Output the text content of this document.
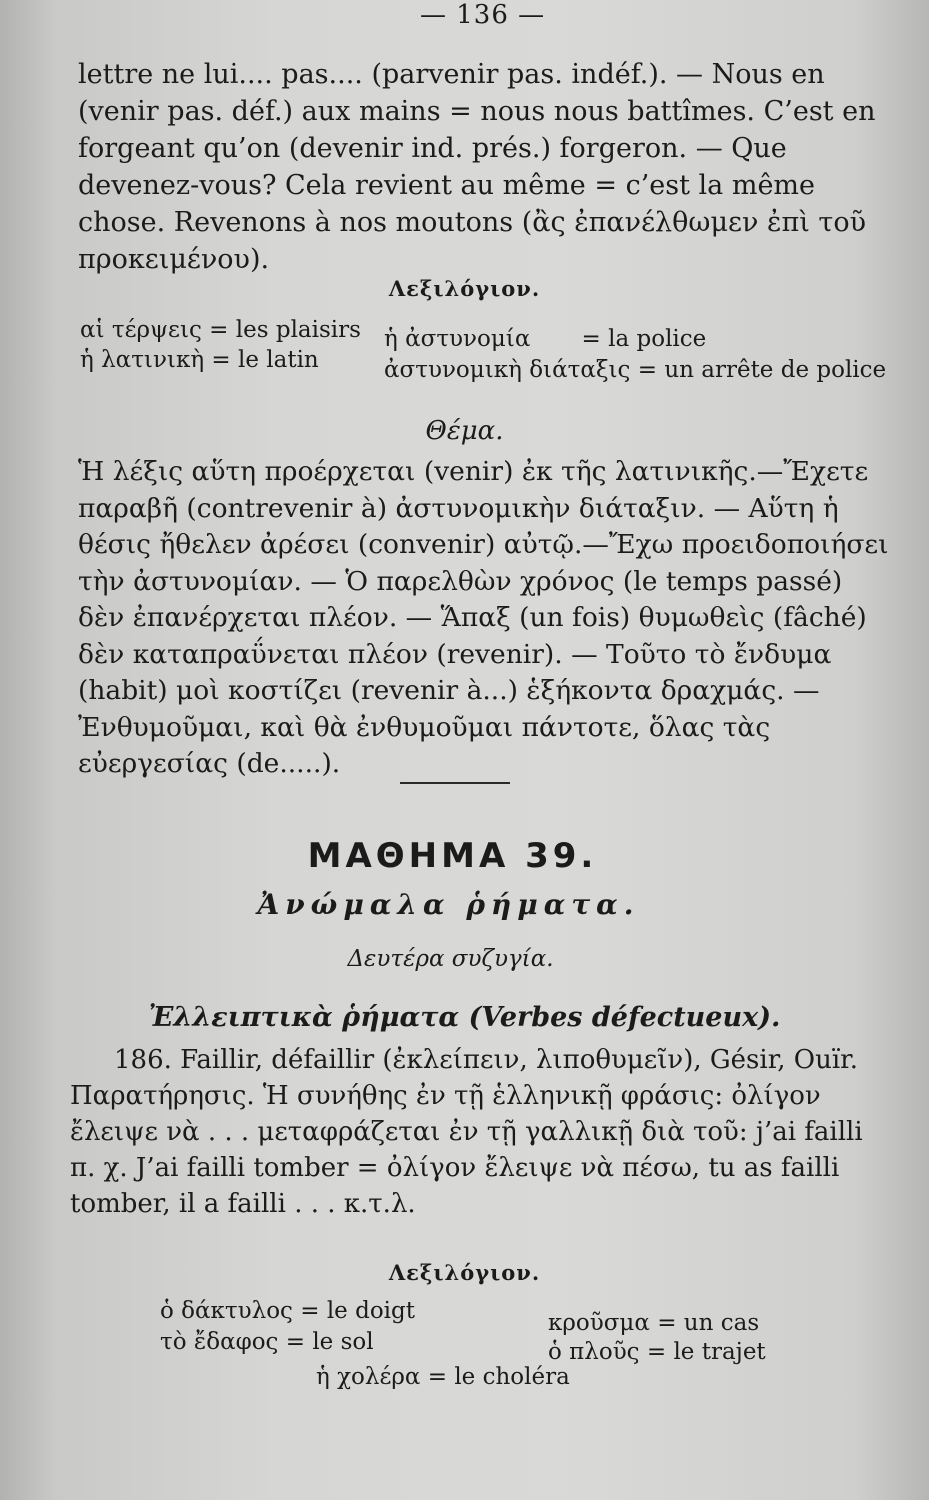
— 136 —

lettre ne lui.... pas.... (parvenir pas. indéf.). — Nous en (venir pas. déf.) aux mains = nous nous battîmes. C’est en forgeant qu’on (devenir ind. prés.) forgeron. — Que devenez-vous? Cela revient au même = c’est la même chose. Revenons à nos moutons (ἂς ἐπανέλθωμεν ἐπὶ τοῦ προκειμένου).

Λεξιλόγιον.
αἱ τέρψεις = les plaisirs
ἡ λατινικὴ = le latin
ἡ ἀστυνομία       = la police
ἀστυνομικὴ διάταξις = un arrête de police
Θέμα.

Ἡ λέξις αὕτη προέρχεται (venir) ἐκ τῆς λατινικῆς.—Ἔχετε παραβῆ (contrevenir à) ἀστυνομικὴν διάταξιν. — Αὕτη ἡ θέσις ἤθελεν ἀρέσει (convenir) αὐτῷ.—Ἔχω προειδοποιήσει τὴν ἀστυνομίαν. — Ὁ παρελθὼν χρόνος (le temps passé) δὲν ἐπανέρχεται πλέον. — Ἅπαξ (un fois) θυμωθεὶς (fâché) δὲν καταπραΰνεται πλέον (revenir). — Τοῦτο τὸ ἔνδυμα (habit) μοὶ κοστίζει (revenir à...) ἑξήκοντα δραχμάς. — Ἐνθυμοῦμαι, καὶ θὰ ἐνθυμοῦμαι πάντοτε, ὅλας τὰς εὐεργεσίας (de.....).

ΜΑΘΗΜΑ 39.
Ἀνώμαλα ῥήματα.
Δευτέρα συζυγία.
Ἐλλειπτικὰ ῥήματα (Verbes défectueux).

186. Faillir, défaillir (ἐκλείπειν, λιποθυμεῖν), Gésir, Ouïr. Παρατήρησις. Ἡ συνήθης ἐν τῇ ἑλληνικῇ φράσις: ὀλίγον ἔλειψε νὰ . . . μεταφράζεται ἐν τῇ γαλλικῇ διὰ τοῦ: j’ai failli π. χ. J’ai failli tomber = ὀλίγον ἔλειψε νὰ πέσω, tu as failli tomber, il a failli . . . κ.τ.λ.

Λεξιλόγιον.
ὁ δάκτυλος = le doigt
τὸ ἔδαφος = le sol
κροῦσμα = un cas
ὁ πλοῦς = le trajet
ἡ χολέρα = le choléra
